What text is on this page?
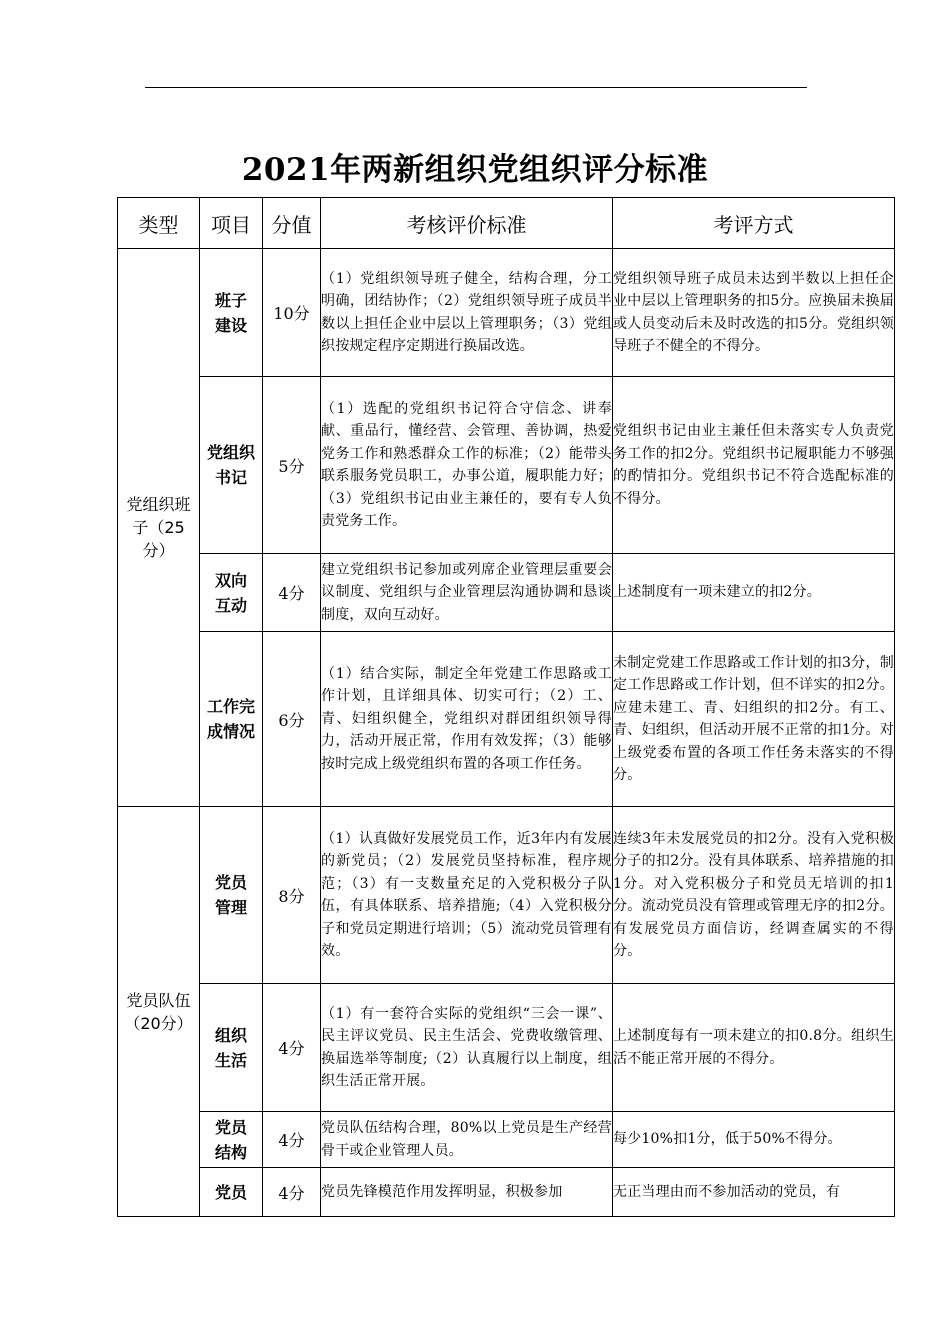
2021年两新组织党组织评分标准
类型	项目	分值	考核评价标准	考评方式

党组织班子（25分）	班子建设	10分	（1）党组织领导班子健全，结构合理，分工明确，团结协作；（2）党组织领导班子成员半数以上担任企业中层以上管理职务；（3）党组织按规定程序定期进行换届改选。	党组织领导班子成员未达到半数以上担任企业中层以上管理职务的扣5分。应换届未换届或人员变动后未及时改选的扣5分。党组织领导班子不健全的不得分。

	党组织书记	5分	（1）选配的党组织书记符合守信念、讲奉献、重品行，懂经营、会管理、善协调，热爱党务工作和熟悉群众工作的标准；（2）能带头联系服务党员职工，办事公道，履职能力好；（3）党组织书记由业主兼任的，要有专人负责党务工作。	党组织书记由业主兼任但未落实专人负责党务工作的扣2分。党组织书记履职能力不够强的酌情扣分。党组织书记不符合选配标准的不得分。

	双向互动	4分	建立党组织书记参加或列席企业管理层重要会议制度、党组织与企业管理层沟通协调和恳谈制度，双向互动好。	上述制度有一项未建立的扣2分。

	工作完成情况	6分	（1）结合实际，制定全年党建工作思路或工作计划，且详细具体、切实可行；（2）工、青、妇组织健全，党组织对群团组织领导得力，活动开展正常，作用有效发挥；（3）能够按时完成上级党组织布置的各项工作任务。	未制定党建工作思路或工作计划的扣3分，制定工作思路或工作计划，但不详实的扣2分。应建未建工、青、妇组织的扣2分。有工、青、妇组织，但活动开展不正常的扣1分。对上级党委布置的各项工作任务未落实的不得分。

党员队伍（20分）	党员管理	8分	（1）认真做好发展党员工作，近3年内有发展的新党员；（2）发展党员坚持标准，程序规范；（3）有一支数量充足的入党积极分子队伍，有具体联系、培养措施;（4）入党积极分子和党员定期进行培训；（5）流动党员管理有效。	连续3年未发展党员的扣2分。没有入党积极分子的扣2分。没有具体联系、培养措施的扣1分。对入党积极分子和党员无培训的扣1分。流动党员没有管理或管理无序的扣2分。有发展党员方面信访，经调查属实的不得分。

	组织生活	4分	（1）有一套符合实际的党组织“三会一课”、民主评议党员、民主生活会、党费收缴管理、换届选举等制度;（2）认真履行以上制度，组织生活正常开展。	上述制度每有一项未建立的扣0.8分。组织生活不能正常开展的不得分。

	党员结构	4分	党员队伍结构合理，80%以上党员是生产经营骨干或企业管理人员。	每少10%扣1分，低于50%不得分。

	党员	4分	党员先锋模范作用发挥明显，积极参加	无正当理由而不参加活动的党员，有
